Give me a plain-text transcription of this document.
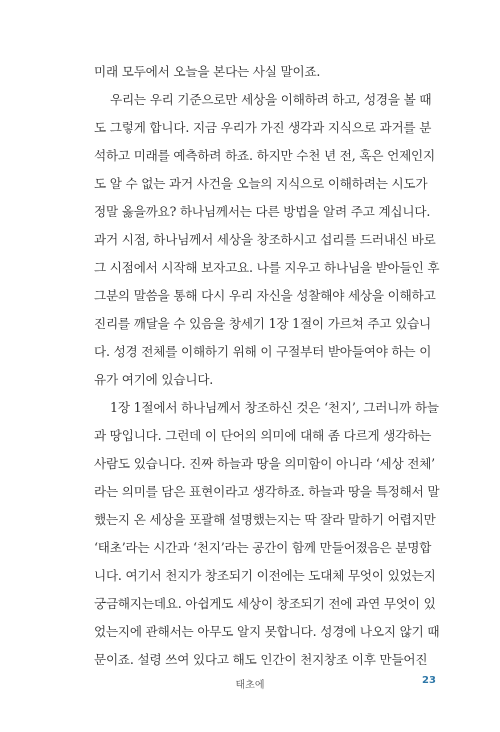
미래 모두에서 오늘을 본다는 사실 말이죠.
우리는 우리 기준으로만 세상을 이해하려 하고, 성경을 볼 때
도 그렇게 합니다. 지금 우리가 가진 생각과 지식으로 과거를 분
석하고 미래를 예측하려 하죠. 하지만 수천 년 전, 혹은 언제인지
도 알 수 없는 과거 사건을 오늘의 지식으로 이해하려는 시도가
정말 옳을까요? 하나님께서는 다른 방법을 알려 주고 계십니다.
과거 시점, 하나님께서 세상을 창조하시고 섭리를 드러내신 바로
그 시점에서 시작해 보자고요. 나를 지우고 하나님을 받아들인 후
그분의 말씀을 통해 다시 우리 자신을 성찰해야 세상을 이해하고
진리를 깨달을 수 있음을 창세기 1장 1절이 가르쳐 주고 있습니
다. 성경 전체를 이해하기 위해 이 구절부터 받아들여야 하는 이
유가 여기에 있습니다.
1장 1절에서 하나님께서 창조하신 것은 ‘천지’, 그러니까 하늘
과 땅입니다. 그런데 이 단어의 의미에 대해 좀 다르게 생각하는
사람도 있습니다. 진짜 하늘과 땅을 의미함이 아니라 ‘세상 전체’
라는 의미를 담은 표현이라고 생각하죠. 하늘과 땅을 특정해서 말
했는지 온 세상을 포괄해 설명했는지는 딱 잘라 말하기 어렵지만
‘태초’라는 시간과 ‘천지’라는 공간이 함께 만들어졌음은 분명합
니다. 여기서 천지가 창조되기 이전에는 도대체 무엇이 있었는지
궁금해지는데요. 아쉽게도 세상이 창조되기 전에 과연 무엇이 있
었는지에 관해서는 아무도 알지 못합니다. 성경에 나오지 않기 때
문이죠. 설령 쓰여 있다고 해도 인간이 천지창조 이후 만들어진
태초에	23
